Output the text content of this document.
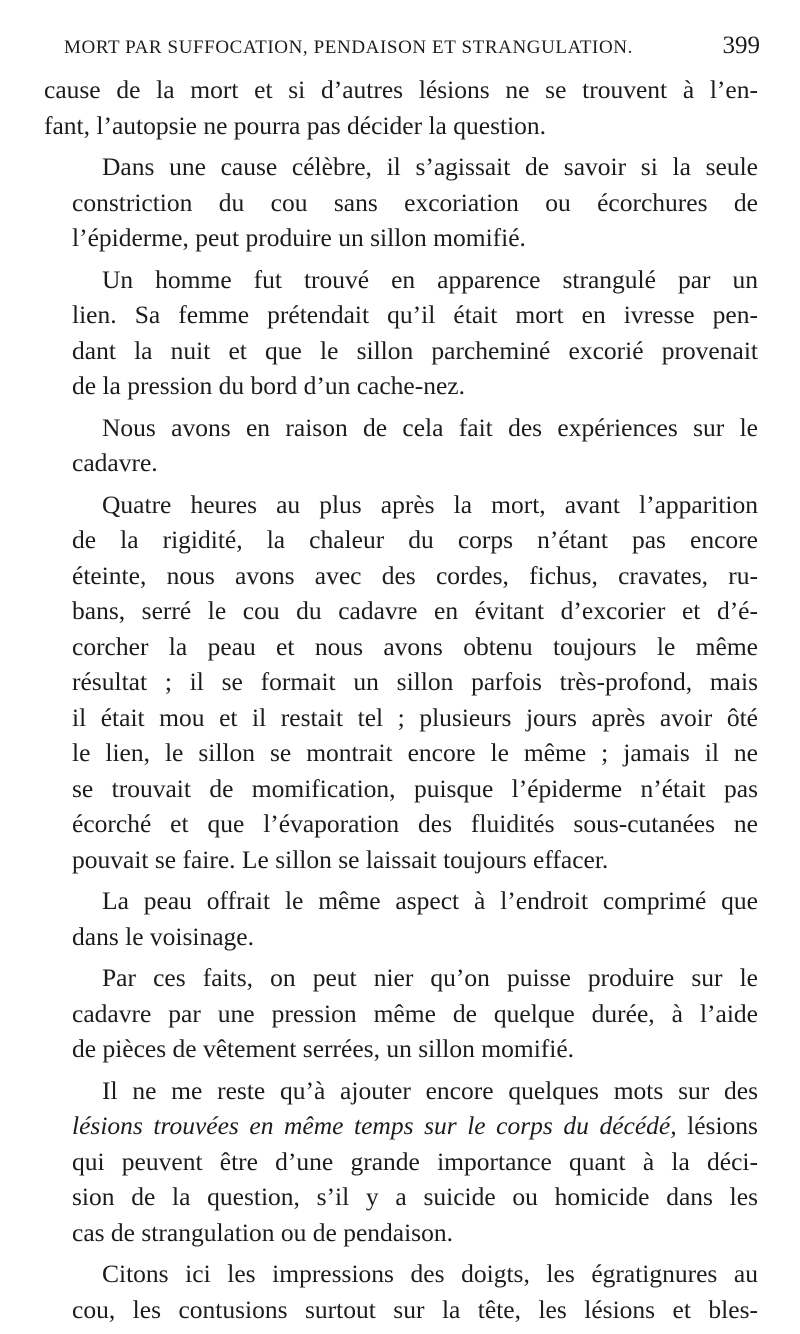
MORT PAR SUFFOCATION, PENDAISON ET STRANGULATION.	399
cause de la mort et si d’autres lésions ne se trouvent à l’en-
fant, l’autopsie ne pourra pas décider la question.
Dans une cause célèbre, il s’agissait de savoir si la seule
constriction du cou sans excoriation ou écorchures de
l’épiderme, peut produire un sillon momifié.
Un homme fut trouvé en apparence strangulé par un
lien. Sa femme prétendait qu’il était mort en ivresse pen-
dant la nuit et que le sillon parcheminé excorié provenait
de la pression du bord d’un cache-nez.
Nous avons en raison de cela fait des expériences sur le
cadavre.
Quatre heures au plus après la mort, avant l’apparition
de la rigidité, la chaleur du corps n’étant pas encore
éteinte, nous avons avec des cordes, fichus, cravates, ru-
bans, serré le cou du cadavre en évitant d’excorier et d’é-
corcher la peau et nous avons obtenu toujours le même
résultat ; il se formait un sillon parfois très-profond, mais
il était mou et il restait tel ; plusieurs jours après avoir ôté
le lien, le sillon se montrait encore le même ; jamais il ne
se trouvait de momification, puisque l’épiderme n’était pas
écorché et que l’évaporation des fluidités sous-cutanées ne
pouvait se faire. Le sillon se laissait toujours effacer.
La peau offrait le même aspect à l’endroit comprimé que
dans le voisinage.
Par ces faits, on peut nier qu’on puisse produire sur le
cadavre par une pression même de quelque durée, à l’aide
de pièces de vêtement serrées, un sillon momifié.
Il ne me reste qu’à ajouter encore quelques mots sur des
lésions trouvées en même temps sur le corps du décédé, lésions
qui peuvent être d’une grande importance quant à la déci-
sion de la question, s’il y a suicide ou homicide dans les
cas de strangulation ou de pendaison.
Citons ici les impressions des doigts, les égratignures au
cou, les contusions surtout sur la tête, les lésions et bles-
